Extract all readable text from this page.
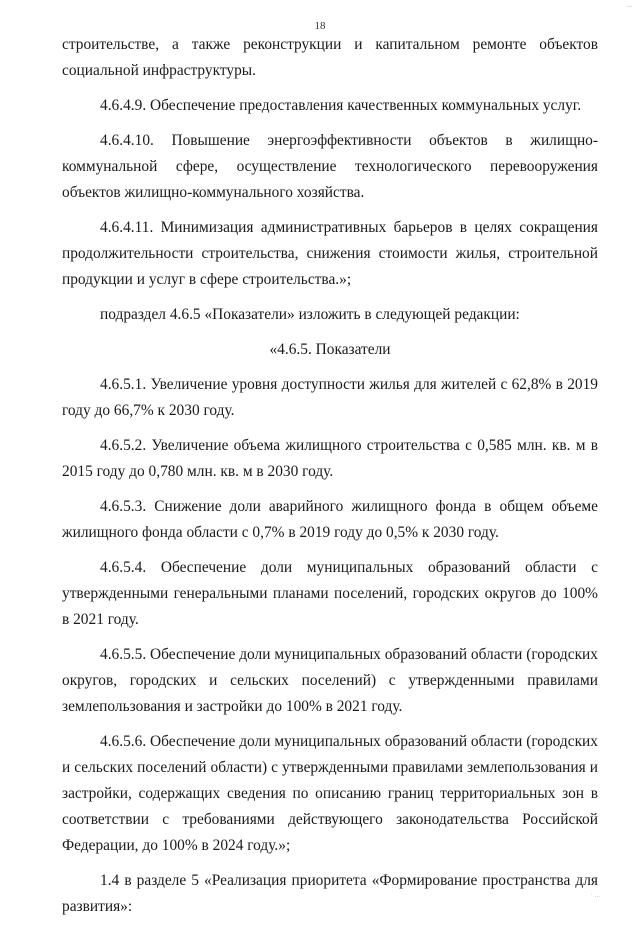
...
18

строительстве, а также реконструкции и капитальном ремонте объектов социальной инфраструктуры.

4.6.4.9. Обеспечение предоставления качественных коммунальных услуг.

4.6.4.10. Повышение энергоэффективности объектов в жилищно-коммунальной сфере, осуществление технологического перевооружения объектов жилищно-коммунального хозяйства.

4.6.4.11. Минимизация административных барьеров в целях сокращения продолжительности строительства, снижения стоимости жилья, строительной продукции и услуг в сфере строительства.»;

подраздел 4.6.5 «Показатели» изложить в следующей редакции:

«4.6.5. Показатели

4.6.5.1. Увеличение уровня доступности жилья для жителей с 62,8% в 2019 году до 66,7% к 2030 году.

4.6.5.2. Увеличение объема жилищного строительства с 0,585 млн. кв. м в 2015 году до 0,780 млн. кв. м в 2030 году.

4.6.5.3. Снижение доли аварийного жилищного фонда в общем объеме жилищного фонда области с 0,7% в 2019 году до 0,5% к 2030 году.

4.6.5.4. Обеспечение доли муниципальных образований области с утвержденными генеральными планами поселений, городских округов до 100% в 2021 году.

4.6.5.5. Обеспечение доли муниципальных образований области (городских округов, городских и сельских поселений) с утвержденными правилами землепользования и застройки до 100% в 2021 году.

4.6.5.6. Обеспечение доли муниципальных образований области (городских и сельских поселений области) с утвержденными правилами землепользования и застройки, содержащих сведения по описанию границ территориальных зон в соответствии с требованиями действующего законодательства Российской Федерации, до 100% в 2024 году.»;

1.4 в разделе 5 «Реализация приоритета «Формирование пространства для развития»:

· ...
